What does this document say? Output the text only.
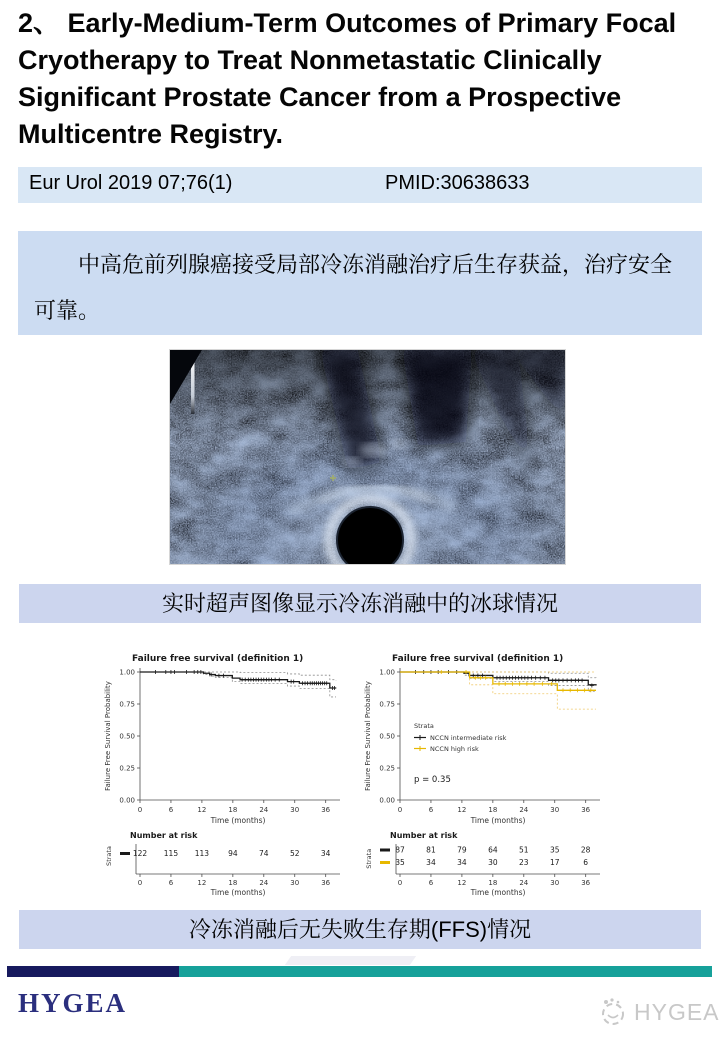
2、 Early-Medium-Term Outcomes of Primary Focal Cryotherapy to Treat Nonmetastatic Clinically Significant Prostate Cancer from a Prospective Multicentre Registry.
Eur Urol 2019 07;76(1)	PMID:30638633

中高危前列腺癌接受局部冷冻消融治疗后生存获益，治疗安全可靠。

实时超声图像显示冷冻消融中的冰球情况
Failure free survival (definition 1)
Failure Free Survival Probability
0.00
0.25
0.50
0.75
1.00
0	6	12	18	24	30	36
Time (months)
Number at risk
Strata	122 115 113	94	74	52	34
0	6	12	18	24	30	36
Time (months)
Failure free survival (definition 1)
Failure Free Survival Probability
0.00
0.25
0.50
0.75
1.00
0	6	12	18	24	30	36
Time (months)
Strata
NCCN intermediate risk
NCCN high risk
p = 0.35
Number at risk
Strata	87	81	79	64	51	35	28
35	34	34	30	23	17	6
0	6	12	18	24	30	36
Time (months)
冷冻消融后无失败生存期(FFS)情况
HYGEA	HYGEA
